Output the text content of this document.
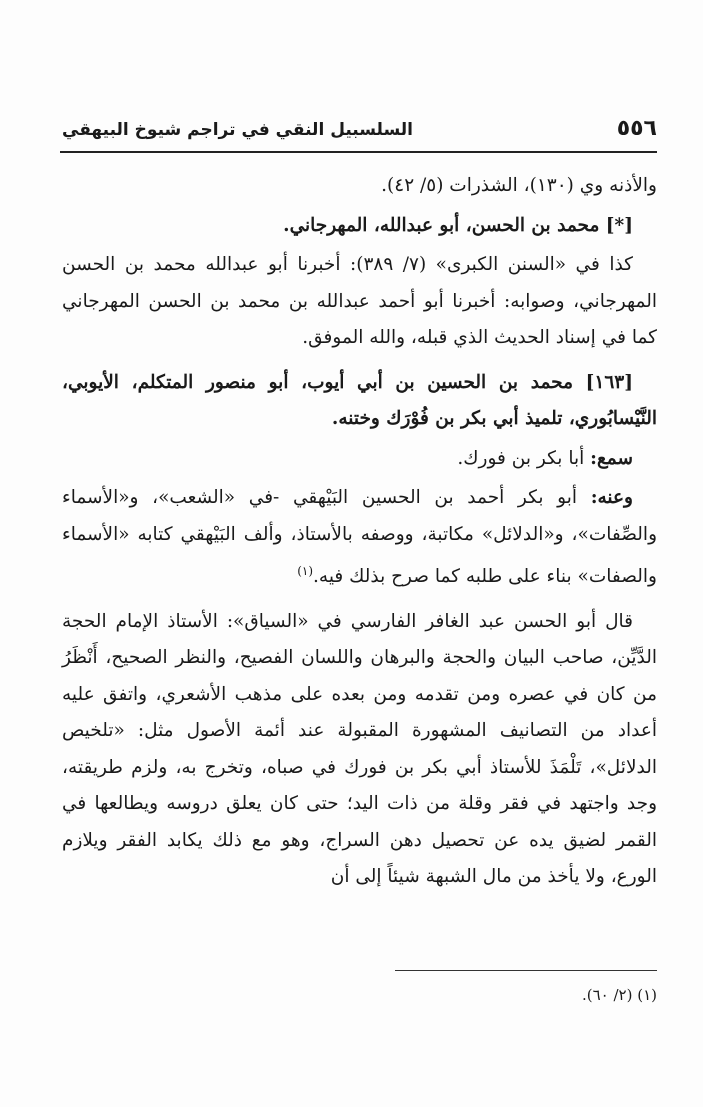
٥٥٦
السلسبيل النقي في تراجم شيوخ البيهقي

والأذنه وي (١٣٠)، الشذرات (٥/ ٤٢).

[*] محمد بن الحسن، أبو عبدالله، المهرجاني.

كذا في «السنن الكبرى» (٧/ ٣٨٩): أخبرنا أبو عبدالله محمد بن الحسن المهرجاني، وصوابه: أخبرنا أبو أحمد عبدالله بن محمد بن الحسن المهرجاني كما في إسناد الحديث الذي قبله، والله الموفق.

[١٦٣] محمد بن الحسين بن أبي أيوب، أبو منصور المتكلم، الأيوبي، النَّيْسابُوري، تلميذ أبي بكر بن فُوْرَك وختنه.

سمع: أبا بكر بن فورك.

وعنه: أبو بكر أحمد بن الحسين البَيْهقي -في «الشعب»، و«الأسماء والصِّفات»، و«الدلائل» مكاتبة، ووصفه بالأستاذ، وألف البَيْهقي كتابه «الأسماء والصفات» بناء على طلبه كما صرح بذلك فيه.$^{(١)}$

قال أبو الحسن عبد الغافر الفارسي في «السياق»: الأستاذ الإمام الحجة الدَّيِّن، صاحب البيان والحجة والبرهان واللسان الفصيح، والنظر الصحيح، أَنْظَرُ من كان في عصره ومن تقدمه ومن بعده على مذهب الأشعري، واتفق عليه أعداد من التصانيف المشهورة المقبولة عند أئمة الأصول مثل: «تلخيص الدلائل»، تَلْمَذَ للأستاذ أبي بكر بن فورك في صباه، وتخرج به، ولزم طريقته، وجد واجتهد في فقر وقلة من ذات اليد؛ حتى كان يعلق دروسه ويطالعها في القمر لضيق يده عن تحصيل دهن السراج، وهو مع ذلك يكابد الفقر ويلازم الورع، ولا يأخذ من مال الشبهة شيئاً إلى أن

(١) (٢/ ٦٠).
